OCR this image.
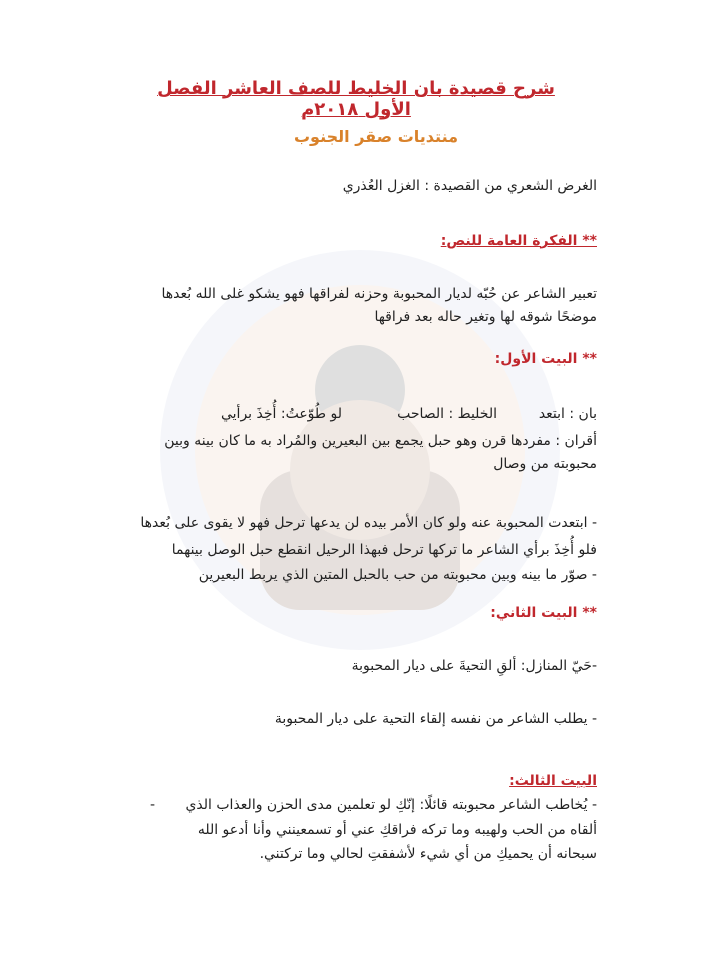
شرح قصيدة بان الخليط للصف العاشر الفصل الأول ٢٠١٨م
منتديات صقر الجنوب
الغرض الشعري من القصيدة : الغزل العُذري
** الفكرة العامة للنص:
تعبير الشاعر عن حُبّه لديار المحبوبة وحزنه لفراقها فهو يشكو غلى الله بُعدها
موضحًا شوقه لها وتغير حاله بعد فراقها
** البيت الأول:
بان : ابتعد
الخليط : الصاحب
لو طُوّعتُ: أُخِذَ برأيي
أقران : مفردها قرن وهو حبل يجمع بين البعيرين والمُراد به ما كان بينه وبين
محبوبته من وصال
- ابتعدت المحبوبة عنه ولو كان الأمر بيده لن يدعها ترحل فهو لا يقوى على بُعدها
فلو أُخِذَ برأي الشاعر ما تركها ترحل فبهذا الرحيل انقطع حبل الوصل بينهما
- صوّر ما بينه وبين محبوبته من حب بالحبل المتين الذي يربط البعيرين
** البيت الثاني:
-حَيّ المنازل: ألقِ التحيةَ على ديار المحبوبة
- يطلب الشاعر من نفسه إلقاء التحية على ديار المحبوبة
البيت الثالث:
- يُخاطب الشاعر محبوبته قائلًا: إنّكِ لو تعلمين مدى الحزن والعذاب الذي
ألقاه من الحب ولهيبه وما تركه فراقكِ عني أو تسمعينني وأنا أدعو الله
سبحانه أن يحميكِ من أي شيء لأشفقتِ لحالي وما تركتني.
-
